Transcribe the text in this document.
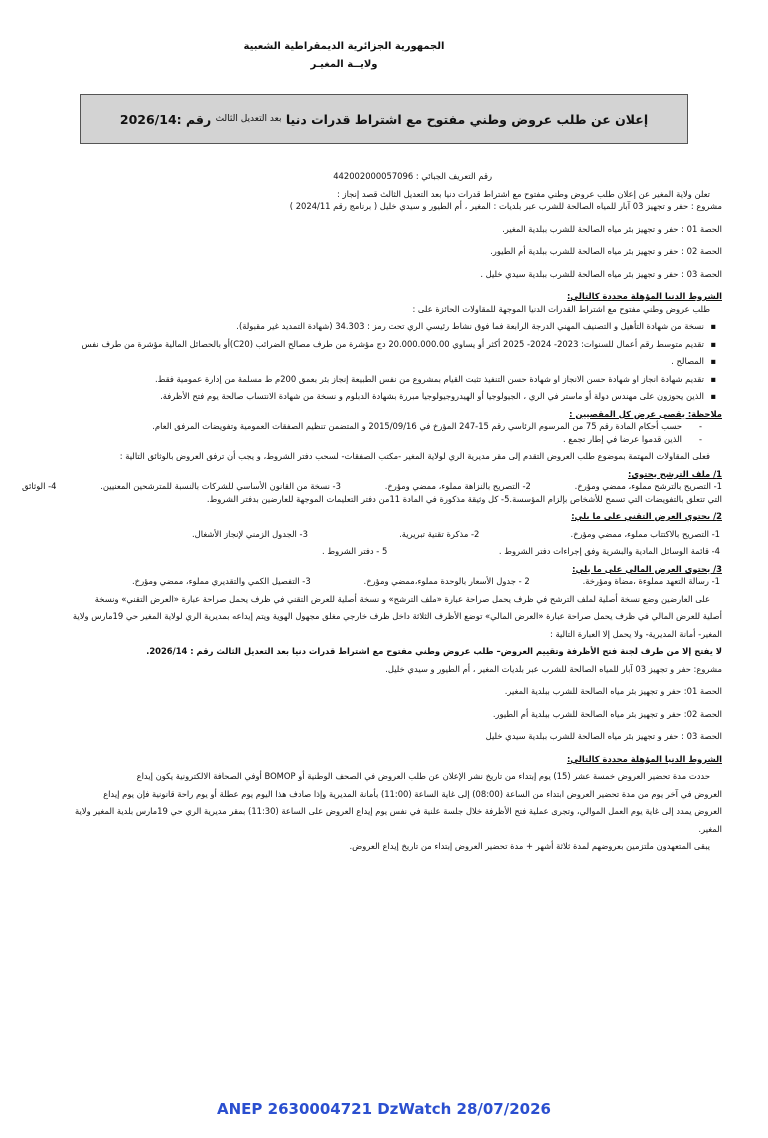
الجمهورية الجزائرية الديمقراطية الشعبية
ولايــة المغيـر
إعلان عن طلب عروض وطني مفتوح مع اشتراط قدرات دنيا

بعد التعديل الثالث

رقم :2026/14

رقم التعريف الجبائي : 442002000057096

تعلن ولاية المغير عن إعلان طلب عروض وطني مفتوح مع اشتراط قدرات دنيا بعد التعديل الثالث قصد إنجاز :

مشروع : حفر و تجهيز 03 آبار للمياه الصالحة للشرب عبر بلديات : المغير ، أم الطيور و سيدي خليل ( برنامج رقم 2024/11 )

الحصة 01 : حفر و تجهيز بئر مياه الصالحة للشرب ببلدية المغير.

الحصة 02 : حفر و تجهيز بئر مياه الصالحة للشرب ببلدية أم الطيور.

الحصة 03 : حفر و تجهيز بئر مياه الصالحة للشرب ببلدية سيدي خليل .

الشروط الدنيا المؤهلة محددة كالتالي:

طلب عروض وطني مفتوح مع اشتراط القدرات الدنيا الموجهة للمقاولات الحائزة على :

▪ نسخة من شهادة التأهيل و التصنيف المهني الدرجة الرابعة فما فوق نشاط رئيسي الري تحت رمز : 34.303 (شهادة التمديد غير مقبولة).

▪ تقديم متوسط رقم أعمال للسنوات: 2023- 2024- 2025 أكثر أو يساوي 20.000.000.00 دج مؤشرة من طرف مصالح الضرائب (C20)أو بالحصائل المالية مؤشرة من طرف نفس

▪ المصالح .

▪ تقديم شهادة انجاز او شهادة حسن الانجاز او شهادة حسن التنفيذ تثبت القيام بمشروع من نفس الطبيعة إنجاز بئر بعمق 200م ط مسلمة من إدارة عمومية فقط.

▪ الذين يحوزون على مهندس دولة أو ماستر في الري ، الجيولوجيا أو الهيدروجيولوجيا مبررة بشهادة الدبلوم و نسخة من شهادة الانتساب صالحة يوم فتح الأظرفة.

ملاحظة: يقصى عرض كل المقصيين :

- حسب أحكام المادة رقم 75 من المرسوم الرئاسي رقم 15-247 المؤرخ في 2015/09/16 و المتضمن تنظيم الصفقات العمومية وتفويضات المرفق العام.

- الذين قدموا عرضا في إطار تجمع .

فعلى المقاولات المهتمة بموضوع طلب العروض التقدم إلى مقر مديرية الري لولاية المغير -مكتب الصفقات- لسحب دفتر الشروط، و يجب أن ترفق العروض بالوثائق التالية :

1/ ملف الترشح يحتوي:

1- التصريح بالترشح مملوء، ممضي ومؤرخ.
2- التصريح بالنزاهة مملوء، ممضي ومؤرخ.
3- نسخة من القانون الأساسي للشركات بالنسبة للمترشحين المعنيين.
4- الوثائق
التي تتعلق بالتفويضات التي تسمح للأشخاص بإلزام المؤسسة.
5- كل وثيقة مذكورة في المادة 11من دفتر التعليمات الموجهة للعارضين بدفتر الشروط.

2/ يحتوي العرض التقني على ما يلي:

1- التصريح بالاكتتاب مملوء، ممضي ومؤرخ.
2- مذكرة تقنية تبريرية.
3- الجدول الزمني لإنجاز الأشغال.
4- قائمة الوسائل المادية والبشرية وفق إجراءات دفتر الشروط .
5 - دفتر الشروط .

3/ يحتوي العرض المالي على ما يلي:

1- رسالة التعهد مملوءة ،مضاة ومؤرخة.
2 - جدول الأسعار بالوحدة مملوء،ممضي ومؤرخ.
3- التفصيل الكمي والتقديري مملوء، ممضي ومؤرخ.

على العارضين وضع نسخة أصلية لملف الترشح في ظرف يحمل صراحة عبارة «ملف الترشح» و نسخة أصلية للعرض التقني في ظرف يحمل صراحة عبارة «العرض التقني» ونسخة

أصلية للعرض المالي في ظرف يحمل صراحة عبارة «العرض المالي» توضع الأظرف الثلاثة داخل ظرف خارجي مغلق مجهول الهوية ويتم إيداعه بمديرية الري لولاية المغير حي 19مارس ولاية

المغير- أمانة المديرية- ولا يحمل إلا العبارة التالية :

لا يفتح إلا من طرف لجنة فتح الأظرفة وتقييم العروض– طلب عروض وطني مفتوح مع اشتراط قدرات دنيا بعد التعديل الثالث رقم : 2026/14.

مشروع: حفر و تجهيز 03 آبار للمياه الصالحة للشرب عبر بلديات المغير ، أم الطيور و سيدي خليل.

الحصة 01: حفر و تجهيز بئر مياه الصالحة للشرب ببلدية المغير.

الحصة 02: حفر و تجهيز بئر مياه الصالحة للشرب ببلدية أم الطيور.

الحصة 03 : حفر و تجهيز بئر مياه الصالحة للشرب ببلدية سيدي خليل

الشروط الدنيا المؤهلة محددة كالتالي:

حددت مدة تحضير العروض خمسة عشر (15) يوم إبتداء من تاريخ نشر الإعلان عن طلب العروض في الصحف الوطنية أو BOMOP أوفي الصحافة الالكترونية يكون إيداع

العروض في آخر يوم من مدة تحضير العروض ابتداء من الساعة (08:00) إلى غاية الساعة (11:00) بأمانة المديرية وإذا صادف هذا اليوم يوم عطلة أو يوم راحة قانونية فإن يوم إيداع

العروض يمدد إلى غاية يوم العمل الموالي، وتجرى عملية فتح الأظرفة خلال جلسة علنية في نفس يوم إيداع العروض على الساعة (11:30) بمقر مديرية الري حي 19مارس بلدية المغير ولاية

المغير.

يبقى المتعهدون ملتزمين بعروضهم لمدة ثلاثة أشهر + مدة تحضير العروض إبتداء من تاريخ إيداع العروض.

ANEP 2630004721 DzWatch 28/07/2026
